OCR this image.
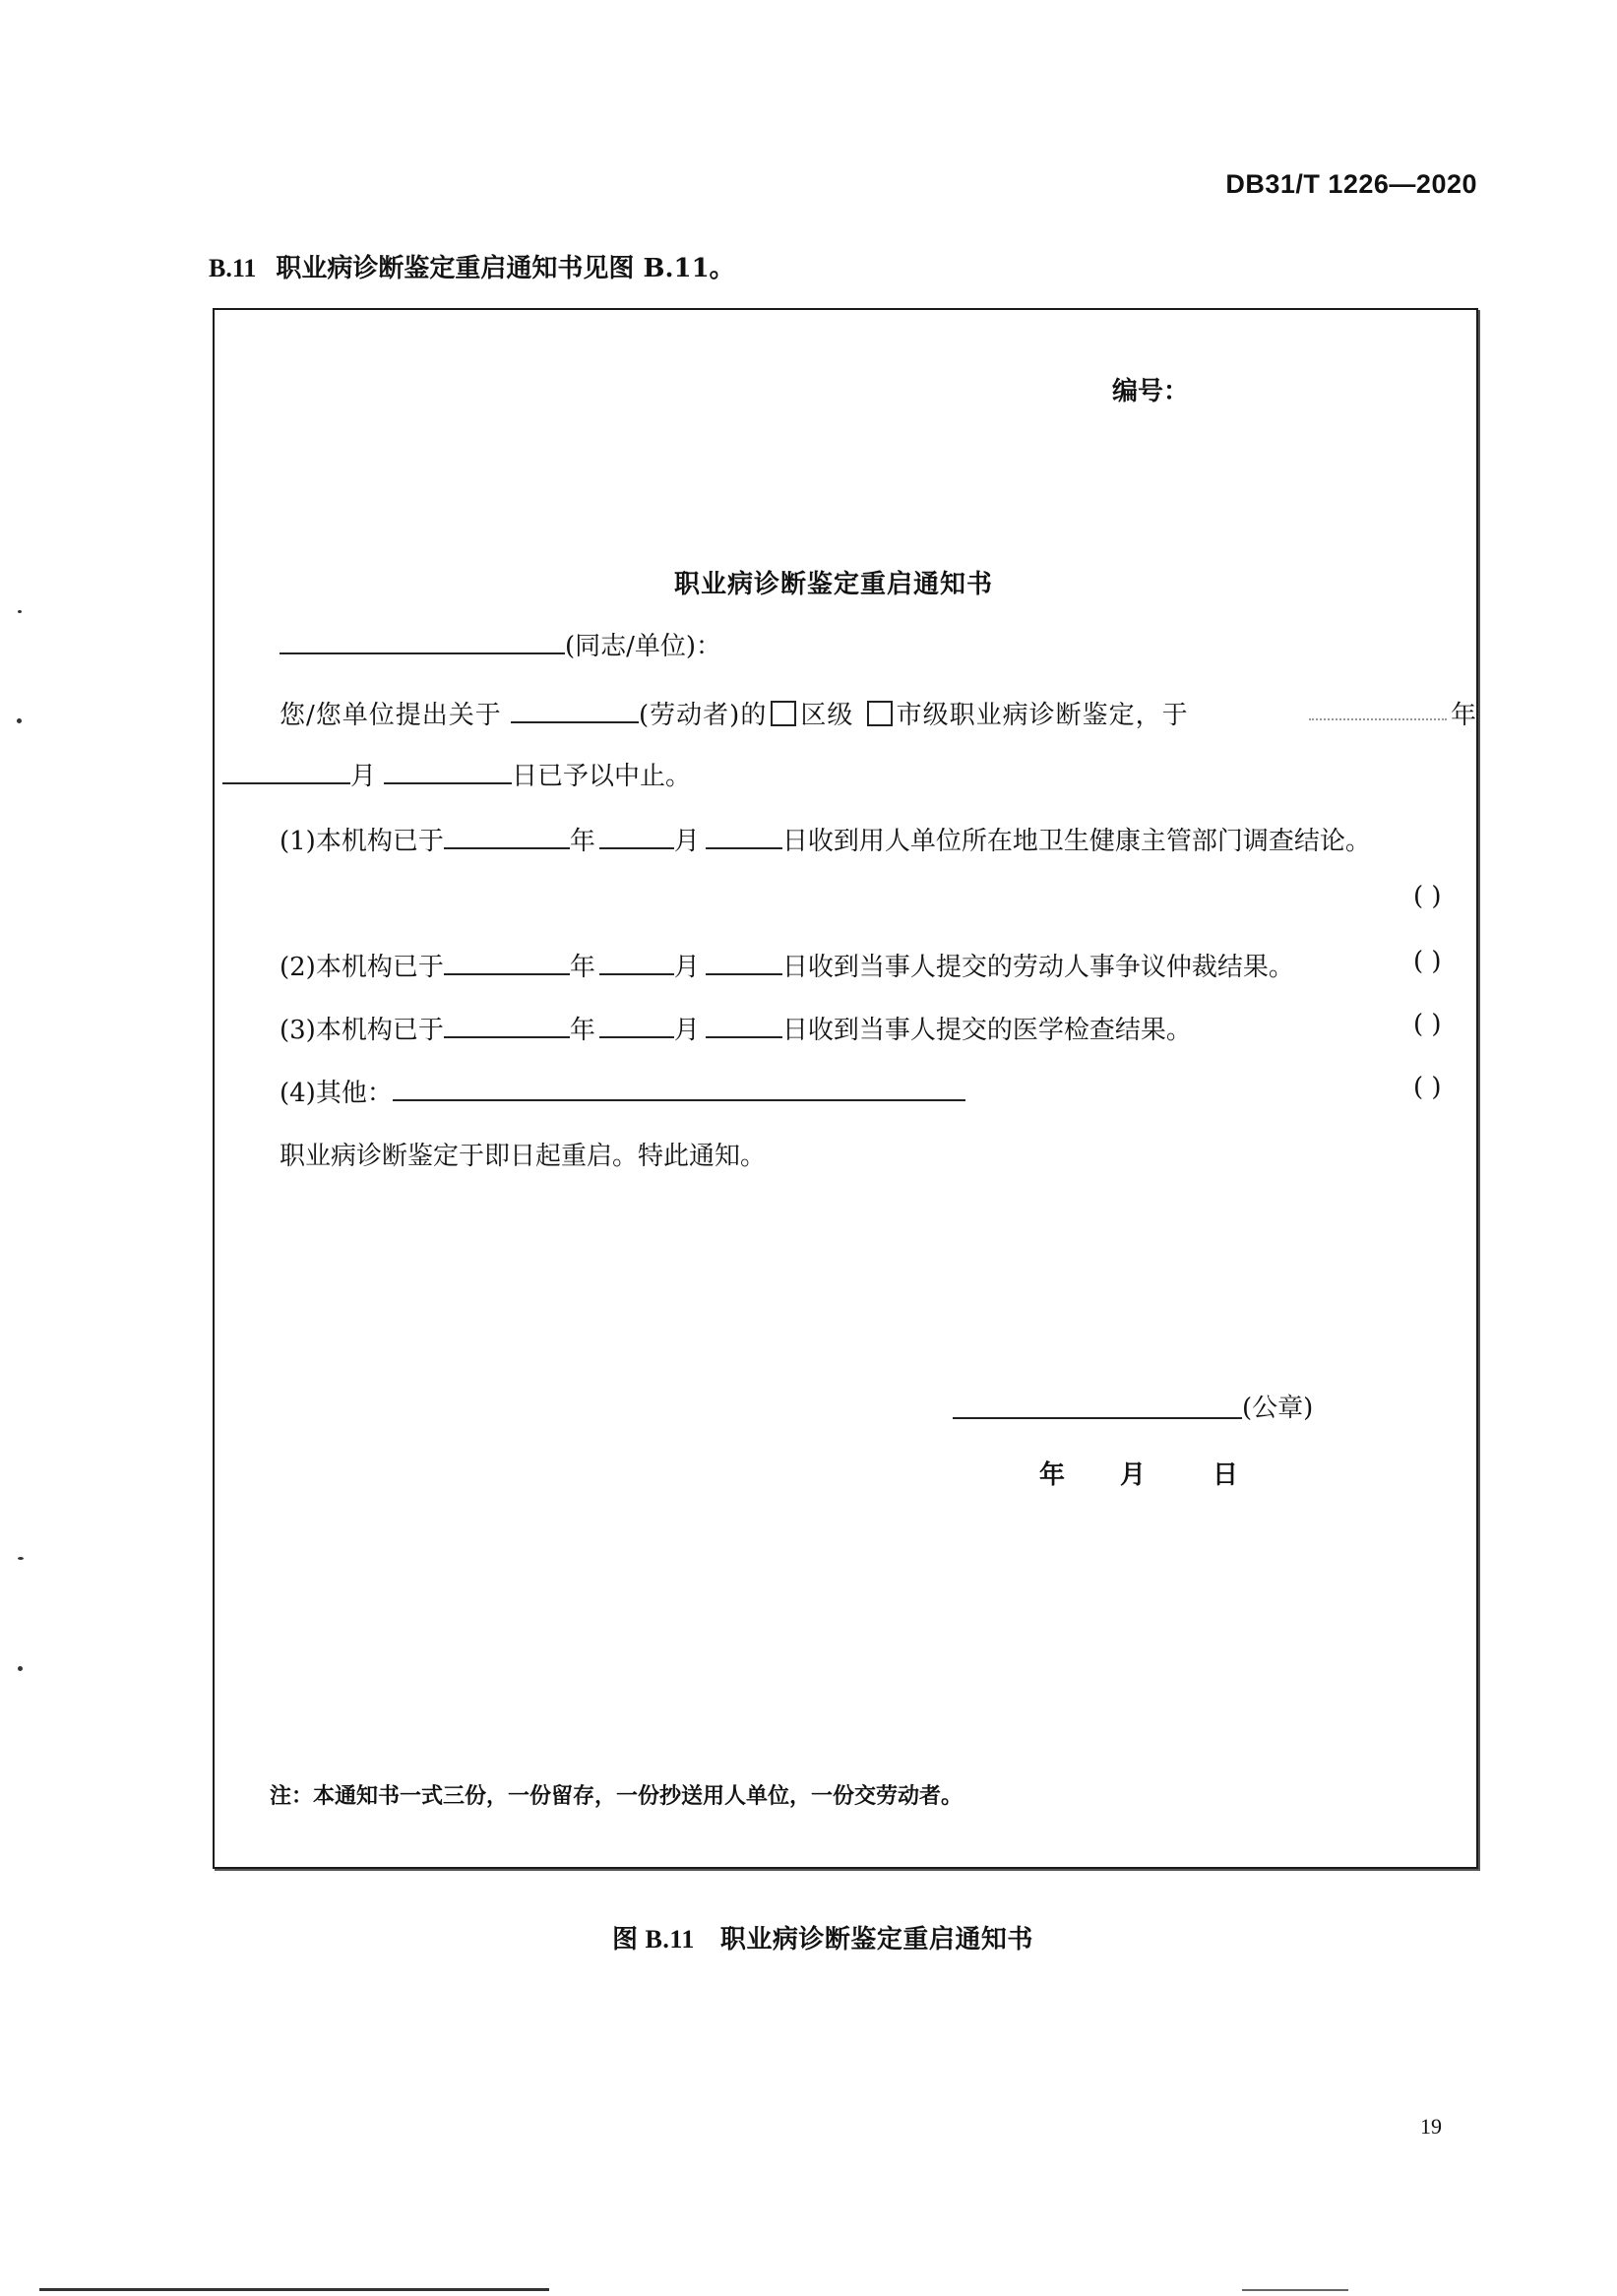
DB31/T 1226—2020
B.11 职业病诊断鉴定重启通知书见图 B.11。
编号：
职业病诊断鉴定重启通知书
(同志/单位)：
您/您单位提出关于	(劳动者)的 区级 市级职业病诊断鉴定，于	年
月	日已予以中止。
(1)本机构已于	年	月	日收到用人单位所在地卫生健康主管部门调查结论。
( )
(2)本机构已于	年	月	日收到当事人提交的劳动人事争议仲裁结果。	( )
(3)本机构已于	年	月	日收到当事人提交的医学检查结果。	( )
(4)其他：	( )
职业病诊断鉴定于即日起重启。特此通知。
(公章)
年 月	日
注：本通知书一式三份，一份留存，一份抄送用人单位，一份交劳动者。
图 B.11 职业病诊断鉴定重启通知书
19
